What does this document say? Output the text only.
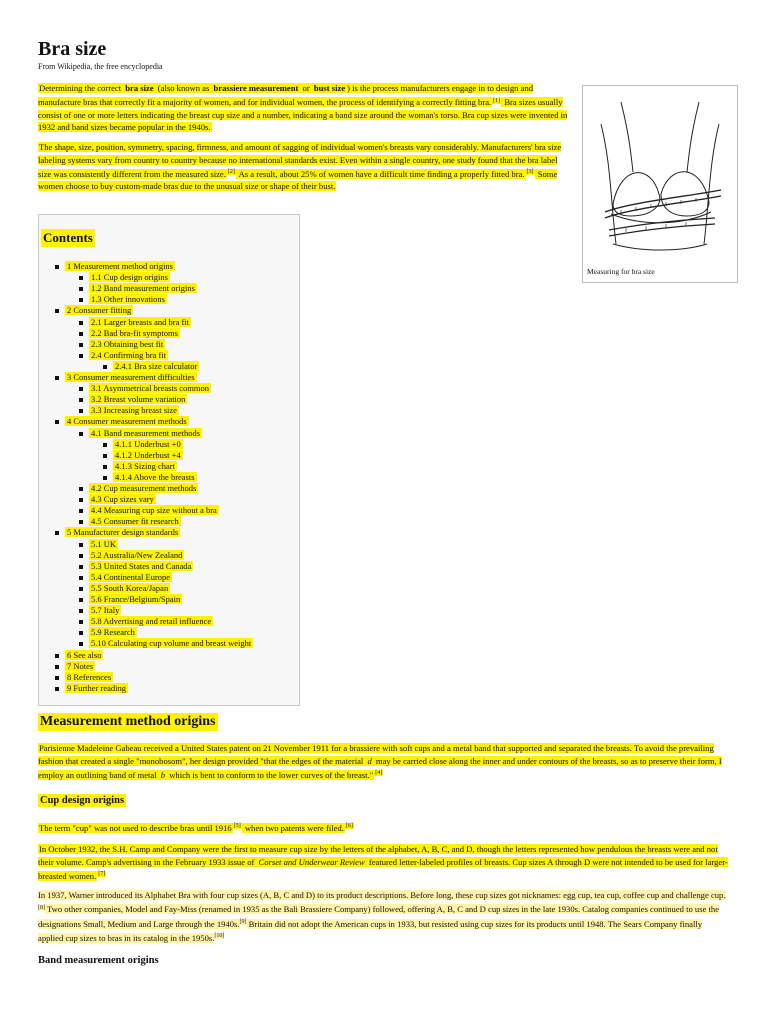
Bra size
From Wikipedia, the free encyclopedia

Determining the correct bra size (also known as brassiere measurement or bust size ) is the process manufacturers engage in to design and manufacture bras that correctly fit a majority of women, and for individual women, the process of identifying a correctly fitting bra. [1] Bra sizes usually consist of one or more letters indicating the breast cup size and a number, indicating a band size around the woman's torso. Bra cup sizes were invented in 1932 and band sizes became popular in the 1940s.

The shape, size, position, symmetry, spacing, firmness, and amount of sagging of individual women's breasts vary considerably. Manufacturers' bra size labeling systems vary from country to country because no international standards exist. Even within a single country, one study found that the bra label size was consistently different from the measured size. [2] As a result, about 25% of women have a difficult time finding a properly fitted bra. [3] Some women choose to buy custom-made bras due to the unusual size or shape of their bust.

Measuring for bra size
Contents
1 Measurement method origins
1.1 Cup design origins
1.2 Band measurement origins
1.3 Other innovations
2 Consumer fitting
2.1 Larger breasts and bra fit
2.2 Bad bra-fit symptoms
2.3 Obtaining best fit
2.4 Confirming bra fit
2.4.1 Bra size calculator
3 Consumer measurement difficulties
3.1 Asymmetrical breasts common
3.2 Breast volume variation
3.3 Increasing breast size
4 Consumer measurement methods
4.1 Band measurement methods
4.1.1 Underbust +0
4.1.2 Underbust +4
4.1.3 Sizing chart
4.1.4 Above the breasts
4.2 Cup measurement methods
4.3 Cup sizes vary
4.4 Measuring cup size without a bra
4.5 Consumer fit research
5 Manufacturer design standards
5.1 UK
5.2 Australia/New Zealand
5.3 United States and Canada
5.4 Continental Europe
5.5 South Korea/Japan
5.6 France/Belgium/Spain
5.7 Italy
5.8 Advertising and retail influence
5.9 Research
5.10 Calculating cup volume and breast weight
6 See also
7 Notes
8 References
9 Further reading
Measurement method origins

Parisienne Madeleine Gabeau received a United States patent on 21 November 1911 for a brassiere with soft cups and a metal band that supported and separated the breasts. To avoid the prevailing fashion that created a single "monobosom", her design provided "that the edges of the material d may be carried close along the inner and under contours of the breasts, so as to preserve their form, I employ an outlining band of metal b which is bent to conform to the lower curves of the breast." [4]

Cup design origins

The term "cup" was not used to describe bras until 1916 [5] when two patents were filed. [6]

In October 1932, the S.H. Camp and Company were the first to measure cup size by the letters of the alphabet, A, B, C, and D, though the letters represented how pendulous the breasts were and not their volume. Camp's advertising in the February 1933 issue of Corset and Underwear Review featured letter-labeled profiles of breasts. Cup sizes A through D were not intended to be used for larger-breasted women. [7]

In 1937, Warner introduced its Alphabet Bra with four cup sizes (A, B, C and D) to its product descriptions. Before long, these cup sizes got nicknames: egg cup, tea cup, coffee cup and challenge cup.[8] Two other companies, Model and Fay-Miss (renamed in 1935 as the Bali Brassiere Company) followed, offering A, B, C and D cup sizes in the late 1930s. Catalog companies continued to use the designations Small, Medium and Large through the 1940s.[9] Britain did not adopt the American cups in 1933, but resisted using cup sizes for its products until 1948. The Sears Company finally applied cup sizes to bras in its catalog in the 1950s.[10]

Band measurement origins
